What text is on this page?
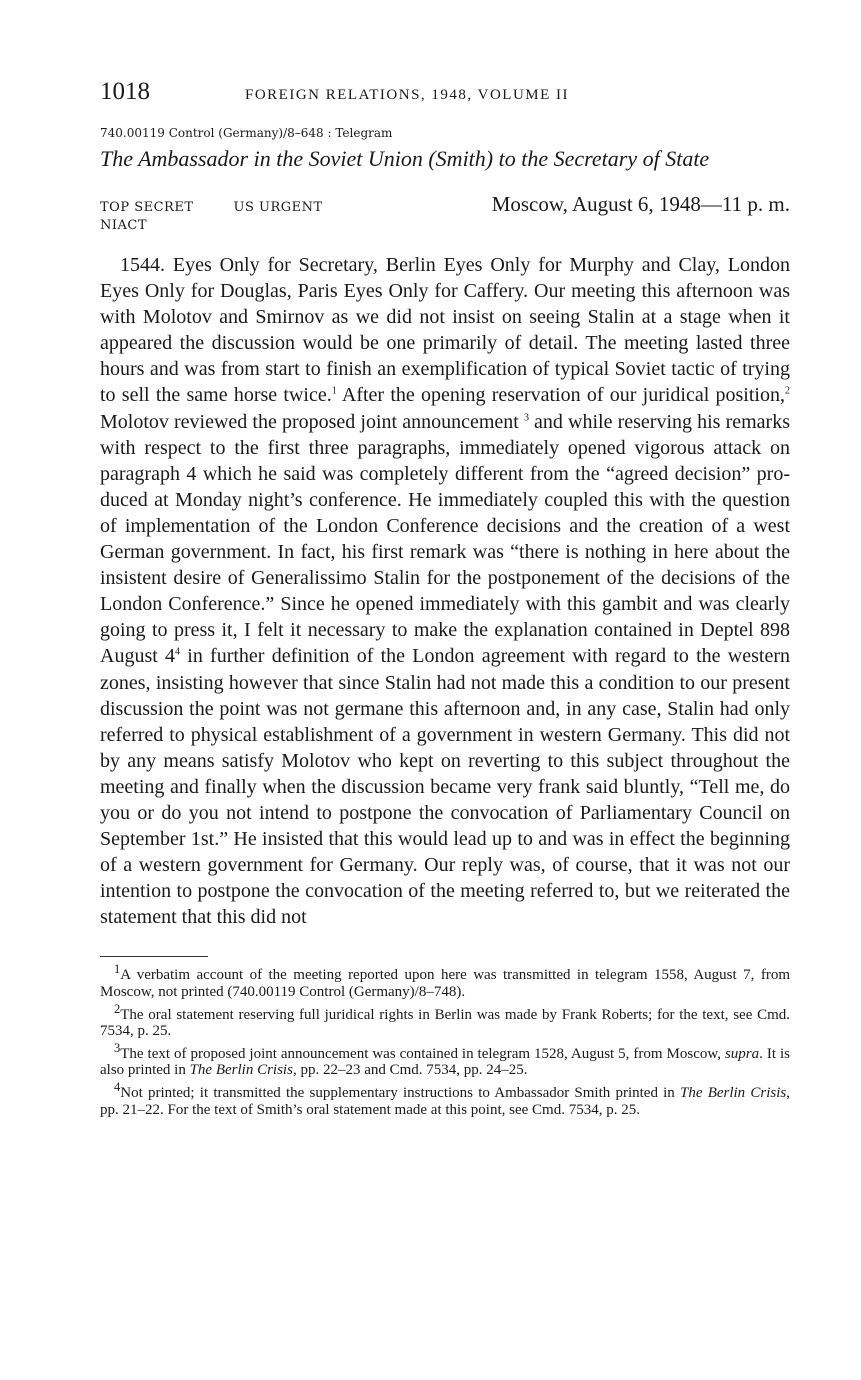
1018	FOREIGN RELATIONS, 1948, VOLUME II
740.00119 Control (Germany)/8–648 : Telegram
The Ambassador in the Soviet Union (Smith) to the Secretary of State
TOP SECRET	US URGENT	Moscow, August 6, 1948—11 p. m.
NIACT

1544. Eyes Only for Secretary, Berlin Eyes Only for Murphy and Clay, London Eyes Only for Douglas, Paris Eyes Only for Caffery. Our meeting this afternoon was with Molotov and Smirnov as we did not insist on seeing Stalin at a stage when it appeared the discussion would be one primarily of detail. The meeting lasted three hours and was from start to finish an exemplification of typical Soviet tactic of trying to sell the same horse twice.$^1$ After the opening reservation of our juridical position,$^2$ Molotov reviewed the proposed joint announcement $^3$ and while reserving his remarks with respect to the first three paragraphs, immediately opened vigorous attack on paragraph 4 which he said was completely different from the “agreed decision” produced at Monday night’s conference. He immediately coupled this with the question of implementation of the London Conference decisions and the creation of a west German government. In fact, his first remark was “there is nothing in here about the insistent desire of Generalissimo Stalin for the postponement of the decisions of the London Conference.” Since he opened immediately with this gambit and was clearly going to press it, I felt it necessary to make the explanation contained in Deptel 898 August $4^4$ in further definition of the London agreement with regard to the western zones, insisting however that since Stalin had not made this a condition to our present discussion the point was not germane this afternoon and, in any case, Stalin had only referred to physical establishment of a government in western Germany. This did not by any means satisfy Molotov who kept on reverting to this subject throughout the meeting and finally when the discussion became very frank said bluntly, “Tell me, do you or do you not intend to postpone the convocation of Parliamentary Council on September 1st.” He insisted that this would lead up to and was in effect the beginning of a western government for Germany. Our reply was, of course, that it was not our intention to postpone the convocation of the meeting referred to, but we reiterated the statement that this did not

$^1$A verbatim account of the meeting reported upon here was transmitted in telegram 1558, August 7, from Moscow, not printed (740.00119 Control (Germany)/8–748).

$^2$The oral statement reserving full juridical rights in Berlin was made by Frank Roberts; for the text, see Cmd. 7534, p. 25.

$^3$The text of proposed joint announcement was contained in telegram 1528, August 5, from Moscow, supra. It is also printed in The Berlin Crisis, pp. 22–23 and Cmd. 7534, pp. 24–25.

$^4$Not printed; it transmitted the supplementary instructions to Ambassador Smith printed in The Berlin Crisis, pp. 21–22. For the text of Smith’s oral statement made at this point, see Cmd. 7534, p. 25.
